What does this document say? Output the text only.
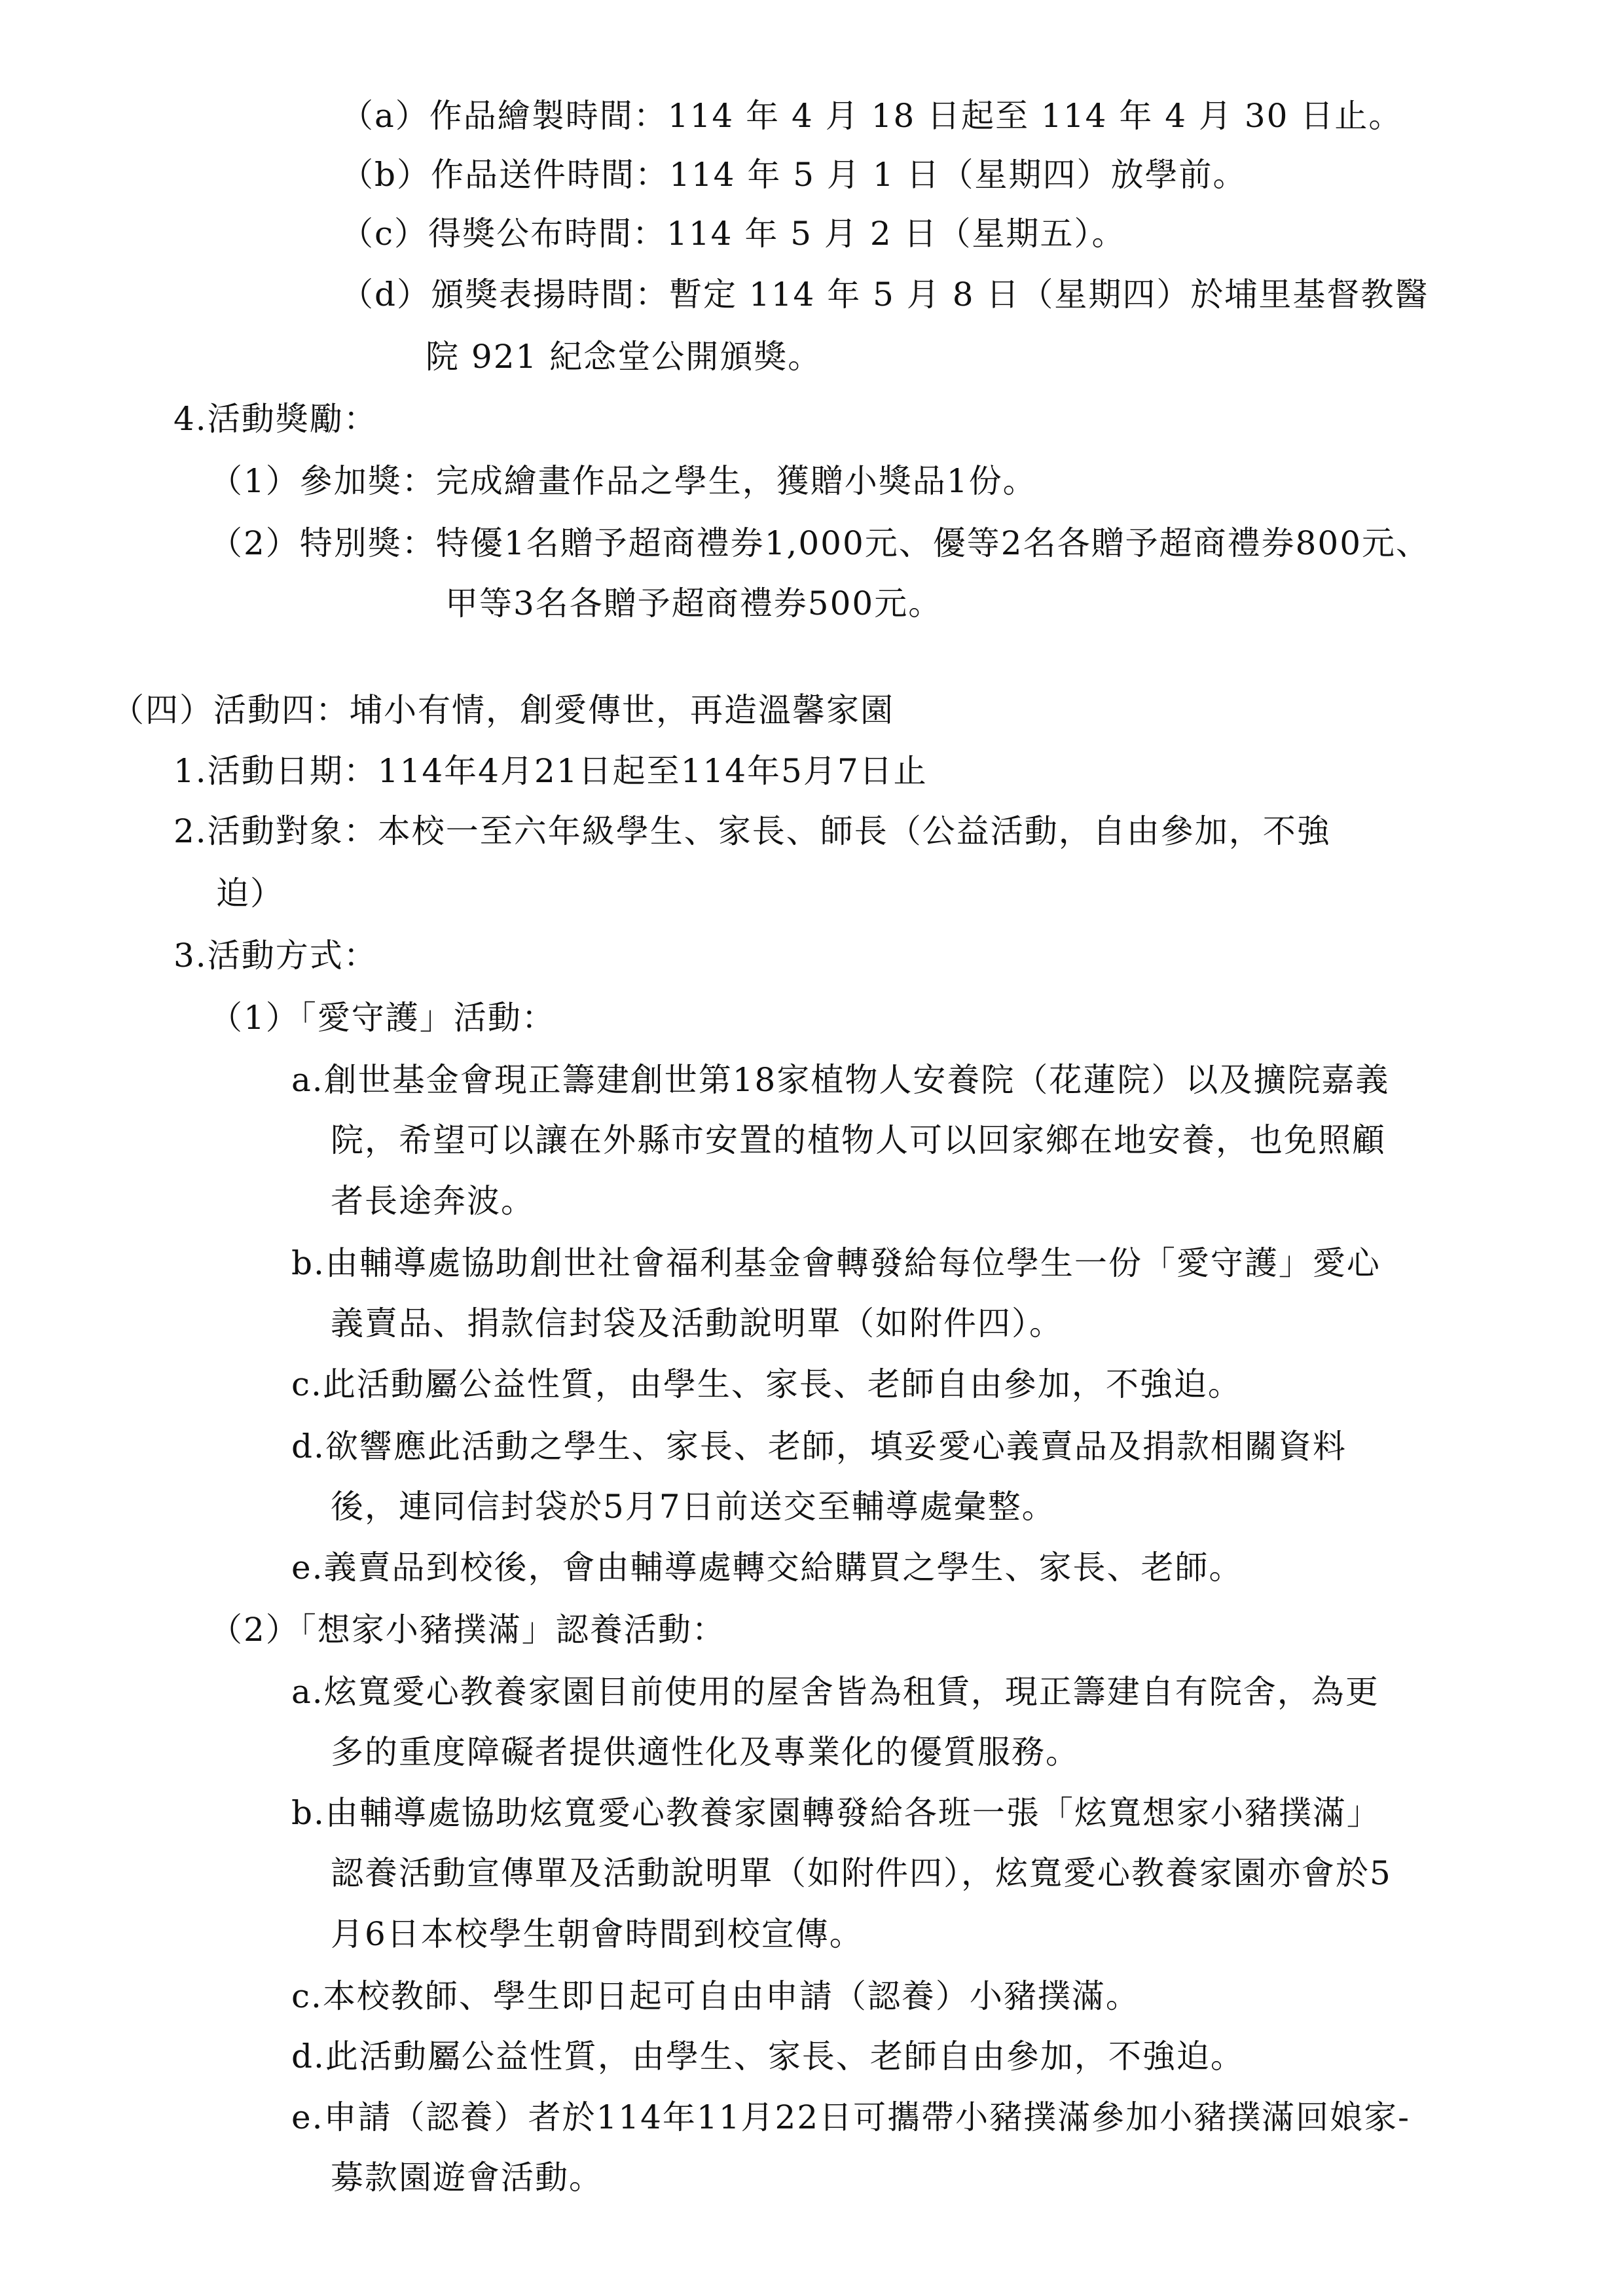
（a）作品繪製時間：114 年 4 月 18 日起至 114 年 4 月 30 日止。
（b）作品送件時間：114 年 5 月 1 日（星期四）放學前。
（c）得獎公布時間：114 年 5 月 2 日（星期五）。
（d）頒獎表揚時間：暫定 114 年 5 月 8 日（星期四）於埔里基督教醫
院 921 紀念堂公開頒獎。
4.活動獎勵：
（1）參加獎：完成繪畫作品之學生，獲贈小獎品1份。
（2）特別獎：特優1名贈予超商禮券1,000元、優等2名各贈予超商禮券800元、
甲等3名各贈予超商禮券500元。
（四）活動四：埔小有情，創愛傳世，再造溫馨家園
1.活動日期：114年4月21日起至114年5月7日止
2.活動對象：本校一至六年級學生、家長、師長（公益活動，自由參加，不強
迫）
3.活動方式：
（1）「愛守護」活動：
a.創世基金會現正籌建創世第18家植物人安養院（花蓮院）以及擴院嘉義
院，希望可以讓在外縣市安置的植物人可以回家鄉在地安養，也免照顧
者長途奔波。
b.由輔導處協助創世社會福利基金會轉發給每位學生一份「愛守護」愛心
義賣品、捐款信封袋及活動說明單（如附件四）。
c.此活動屬公益性質，由學生、家長、老師自由參加，不強迫。
d.欲響應此活動之學生、家長、老師，填妥愛心義賣品及捐款相關資料
後，連同信封袋於5月7日前送交至輔導處彙整。
e.義賣品到校後，會由輔導處轉交給購買之學生、家長、老師。
（2）「想家小豬撲滿」認養活動：
a.炫寬愛心教養家園目前使用的屋舍皆為租賃，現正籌建自有院舍，為更
多的重度障礙者提供適性化及專業化的優質服務。
b.由輔導處協助炫寬愛心教養家園轉發給各班一張「炫寬想家小豬撲滿」
認養活動宣傳單及活動說明單（如附件四），炫寬愛心教養家園亦會於5
月6日本校學生朝會時間到校宣傳。
c.本校教師、學生即日起可自由申請（認養）小豬撲滿。
d.此活動屬公益性質，由學生、家長、老師自由參加，不強迫。
e.申請（認養）者於114年11月22日可攜帶小豬撲滿參加小豬撲滿回娘家-
募款園遊會活動。
